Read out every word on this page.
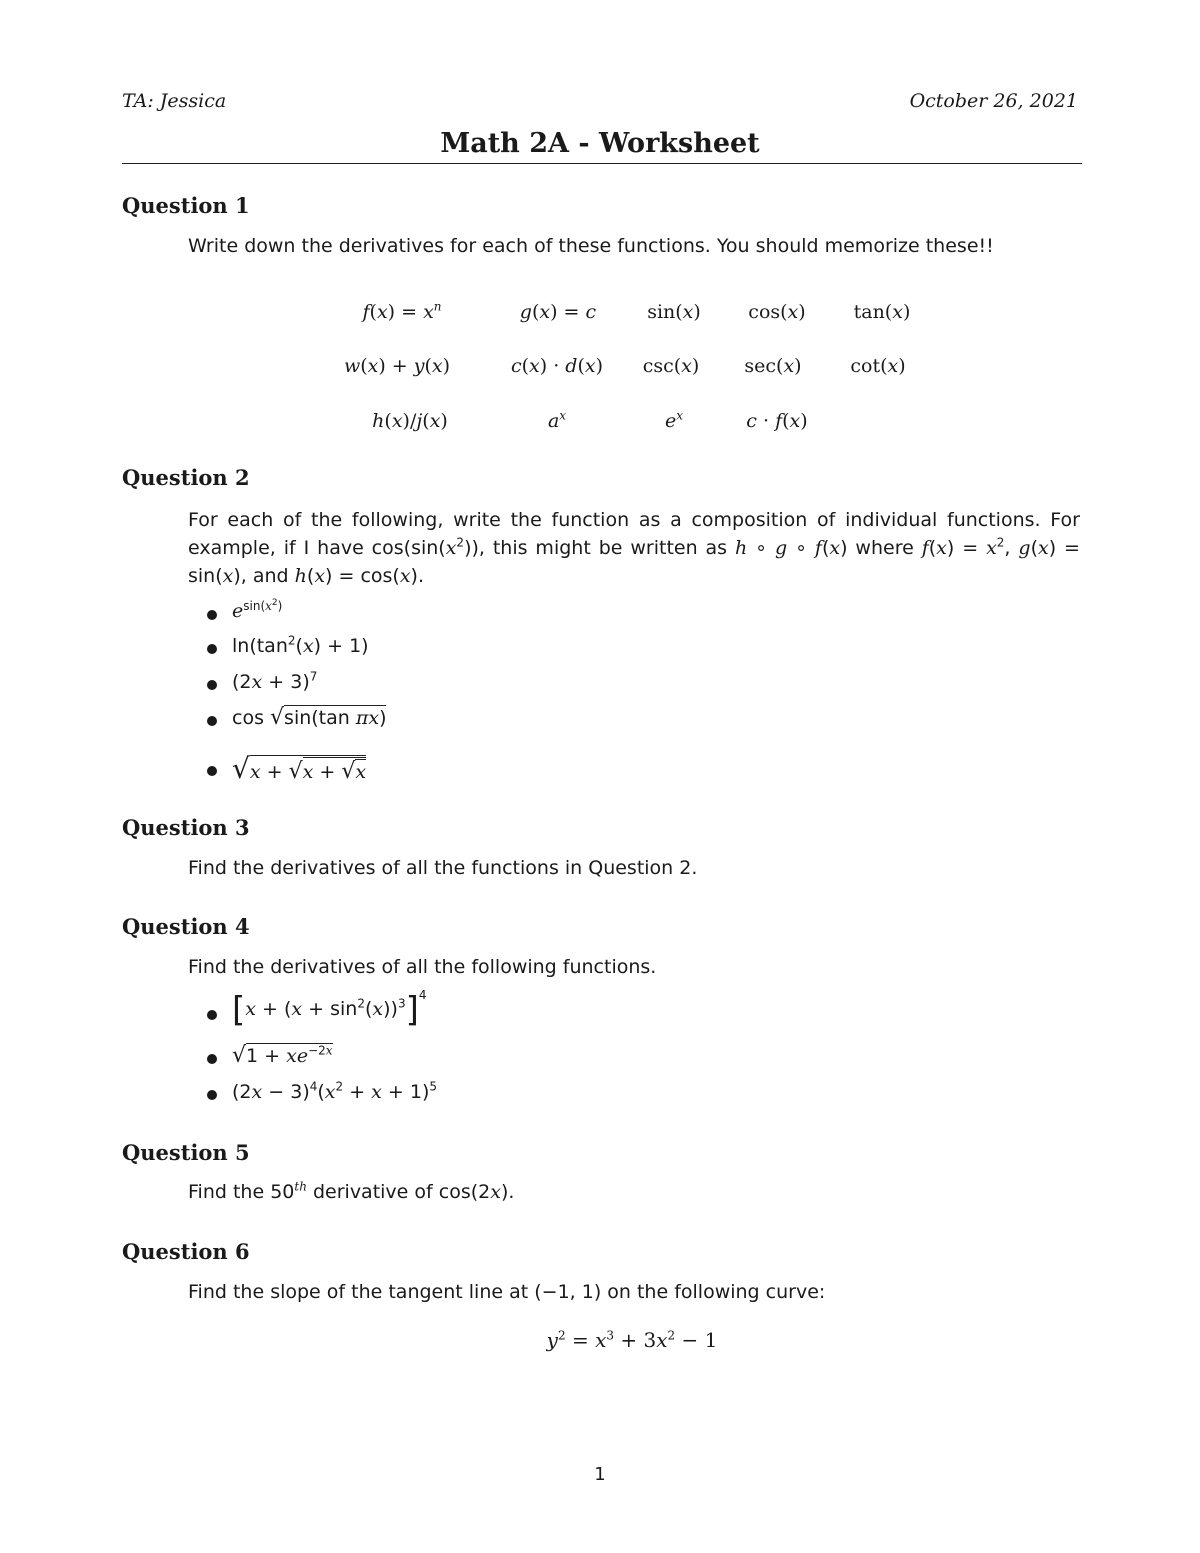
TA: Jessica	October 26, 2021
Math 2A - Worksheet
Question 1
Write down the derivatives for each of these functions. You should memorize these!!
$f(x) = x^n$	g(x) = c	sin(x)	cos(x)	tan(x)
w(x) + y(x)	c(x) · d(x)	csc(x)	sec(x)	cot(x)
h(x)/j(x)	$a^x$	$e^x$	c · f(x)
Question 2
For each of the following, write the function as a composition of individual functions. For example, if I have $\cos(\sin(x^2))$, this might be written as h ∘ g ∘ f(x) where $f(x) = x^2$, g(x) = sin(x), and h(x) = cos(x).
$e^{sin(x^2)}$
$\ln(\tan^2(x) + 1)$
$(2x + 3)^7$
cos √sin(tan πx)
√x + √x + √x
Question 3
Find the derivatives of all the functions in Question 2.
Question 4
Find the derivatives of all the following functions.
$[x + (x + \sin^2(x))^3]^4$
$√1 + xe^{-2x}$
$(2x - 3)^4(x^2 + x + 1)^5$
Question 5
Find the 50th derivative of cos(2x).
Question 6
Find the slope of the tangent line at (−1, 1) on the following curve:
$y^2 = x^3 + 3x^2 - 1$
1
